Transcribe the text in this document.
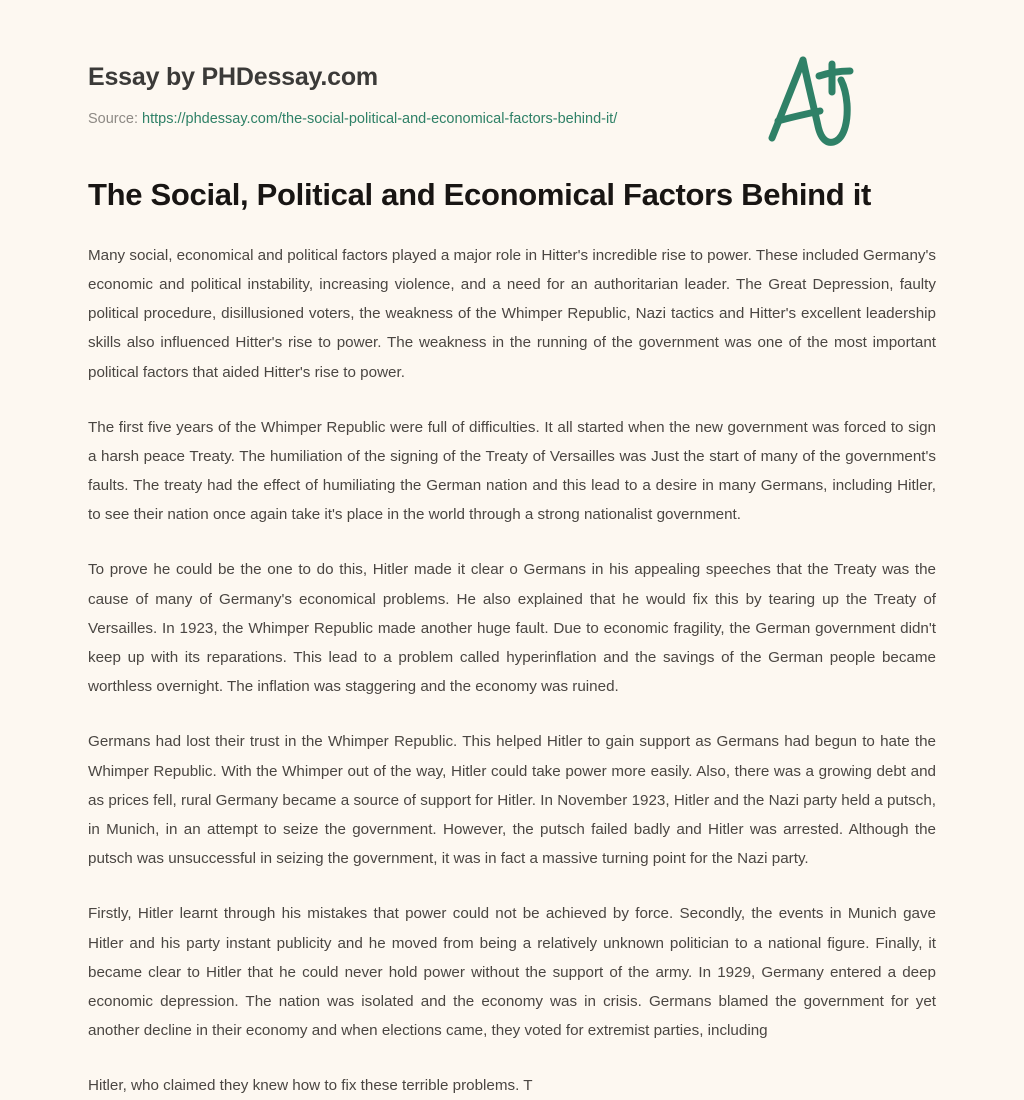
Essay by PHDessay.com
Source: https://phdessay.com/the-social-political-and-economical-factors-behind-it/
The Social, Political and Economical Factors Behind it

Many social, economical and political factors played a major role in Hitter's incredible rise to power. These included Germany's economic and political instability, increasing violence, and a need for an authoritarian leader. The Great Depression, faulty political procedure, disillusioned voters, the weakness of the Whimper Republic, Nazi tactics and Hitter's excellent leadership skills also influenced Hitter's rise to power. The weakness in the running of the government was one of the most important political factors that aided Hitter's rise to power.

The first five years of the Whimper Republic were full of difficulties. It all started when the new government was forced to sign a harsh peace Treaty. The humiliation of the signing of the Treaty of Versailles was Just the start of many of the government's faults. The treaty had the effect of humiliating the German nation and this lead to a desire in many Germans, including Hitler, to see their nation once again take it's place in the world through a strong nationalist government.

To prove he could be the one to do this, Hitler made it clear o Germans in his appealing speeches that the Treaty was the cause of many of Germany's economical problems. He also explained that he would fix this by tearing up the Treaty of Versailles. In 1923, the Whimper Republic made another huge fault. Due to economic fragility, the German government didn't keep up with its reparations. This lead to a problem called hyperinflation and the savings of the German people became worthless overnight. The inflation was staggering and the economy was ruined.

Germans had lost their trust in the Whimper Republic. This helped Hitler to gain support as Germans had begun to hate the Whimper Republic. With the Whimper out of the way, Hitler could take power more easily. Also, there was a growing debt and as prices fell, rural Germany became a source of support for Hitler. In November 1923, Hitler and the Nazi party held a putsch, in Munich, in an attempt to seize the government. However, the putsch failed badly and Hitler was arrested. Although the putsch was unsuccessful in seizing the government, it was in fact a massive turning point for the Nazi party.

Firstly, Hitler learnt through his mistakes that power could not be achieved by force. Secondly, the events in Munich gave Hitler and his party instant publicity and he moved from being a relatively unknown politician to a national figure. Finally, it became clear to Hitler that he could never hold power without the support of the army. In 1929, Germany entered a deep economic depression. The nation was isolated and the economy was in crisis. Germans blamed the government for yet another decline in their economy and when elections came, they voted for extremist parties, including

Hitler, who claimed they knew how to fix these terrible problems. T
